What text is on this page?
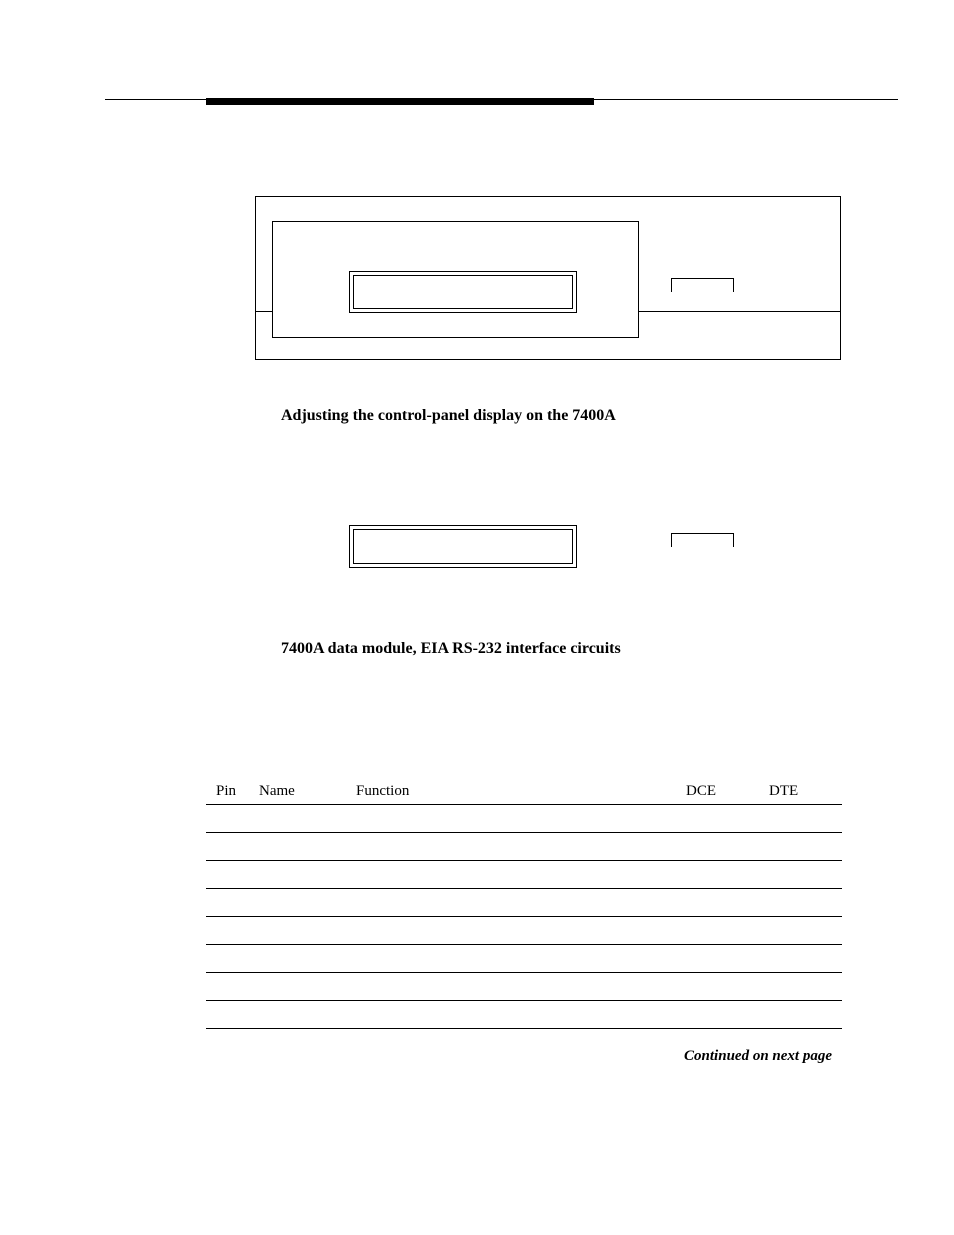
Adjusting the control-panel display on the 7400A
7400A data module, EIA RS-232 interface circuits
Pin Name	Function	DCE	DTE
Continued on next page
